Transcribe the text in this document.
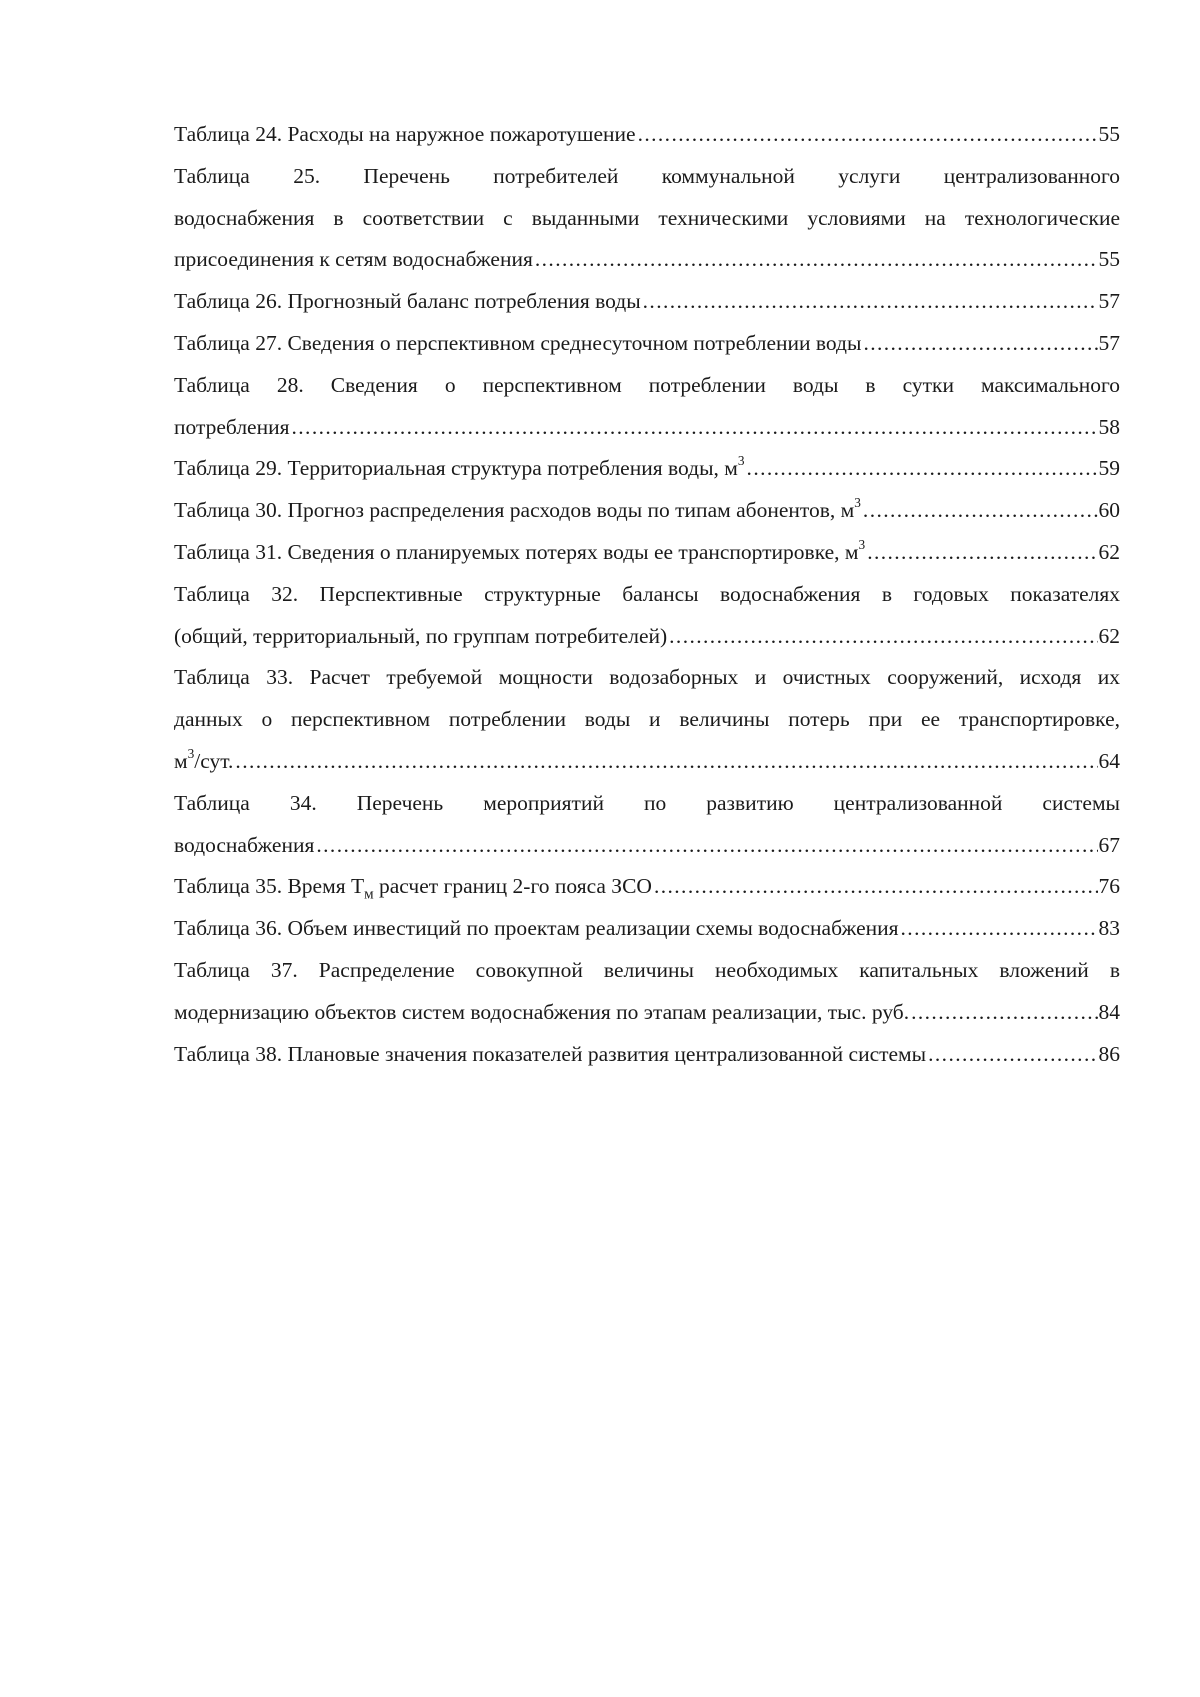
Таблица 24. Расходы на наружное пожаротушение .....	55
Таблица 25. Перечень потребителей коммунальной услуги централизованного
водоснабжения в соответствии с выданными техническими условиями на технологические
присоединения к сетям водоснабжения .....	55
Таблица 26. Прогнозный баланс потребления воды .....	57
Таблица 27. Сведения о перспективном среднесуточном потреблении воды .....	57
Таблица 28. Сведения о перспективном потреблении воды в сутки максимального
потребления .....	58
Таблица 29. Территориальная структура потребления воды, $м^3$ .....	59
Таблица 30. Прогноз распределения расходов воды по типам абонентов, $м^3$ .....	60
Таблица 31. Сведения о планируемых потерях воды ее транспортировке, $м^3$ .....	62
Таблица 32. Перспективные структурные балансы водоснабжения в годовых показателях
(общий, территориальный, по группам потребителей) .....	62
Таблица 33. Расчет требуемой мощности водозаборных и очистных сооружений, исходя их
данных о перспективном потреблении воды и величины потерь при ее транспортировке,
$м^3$/сут. .....	64
Таблица 34. Перечень мероприятий по развитию централизованной системы
водоснабжения .....	67
Таблица 35. Время $Т_м$ расчет границ 2-го пояса ЗСО .....	76
Таблица 36. Объем инвестиций по проектам реализации схемы водоснабжения .....	83
Таблица 37. Распределение совокупной величины необходимых капитальных вложений в
модернизацию объектов систем водоснабжения по этапам реализации, тыс. руб. .....	84
Таблица 38. Плановые значения показателей развития централизованной системы .....	86
